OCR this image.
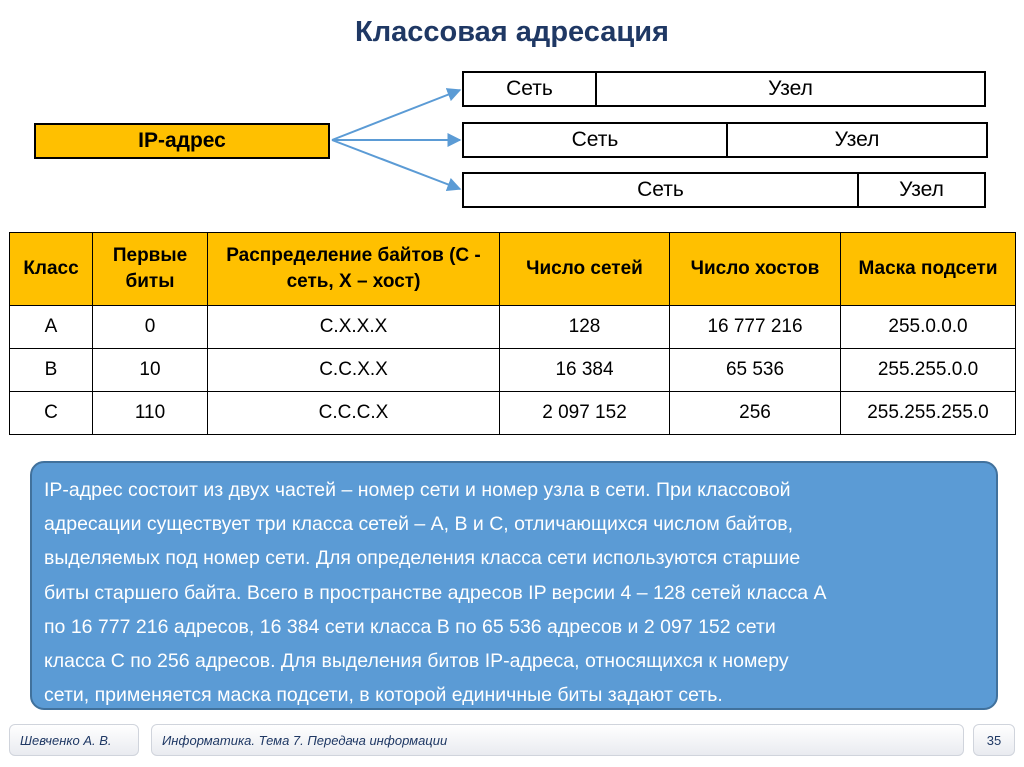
Классовая адресация
IP-адрес
Сеть	Узел
Сеть	Узел
Сеть	Узел
Класс	Первые биты	Распределение байтов (С - сеть, Х – хост)	Число сетей	Число хостов	Маска подсети
A	0	C.X.X.X	128	16 777 216	255.0.0.0
B	10	C.C.X.X	16 384	65 536	255.255.0.0
C	110	C.C.C.X	2 097 152	256	255.255.255.0
IP-адрес состоит из двух частей – номер сети и номер узла в сети. При классовой
адресации существует три класса сетей – A, B и C, отличающихся числом байтов,
выделяемых под номер сети. Для определения класса сети используются старшие
биты старшего байта. Всего в пространстве адресов IP версии 4 – 128 сетей класса A
по 16 777 216 адресов, 16 384 сети класса B по 65 536 адресов и 2 097 152 сети
класса C по 256 адресов. Для выделения битов IP-адреса, относящихся к номеру
сети, применяется маска подсети, в которой единичные биты задают сеть.
Шевченко А. В.	Информатика. Тема 7. Передача информации	35
